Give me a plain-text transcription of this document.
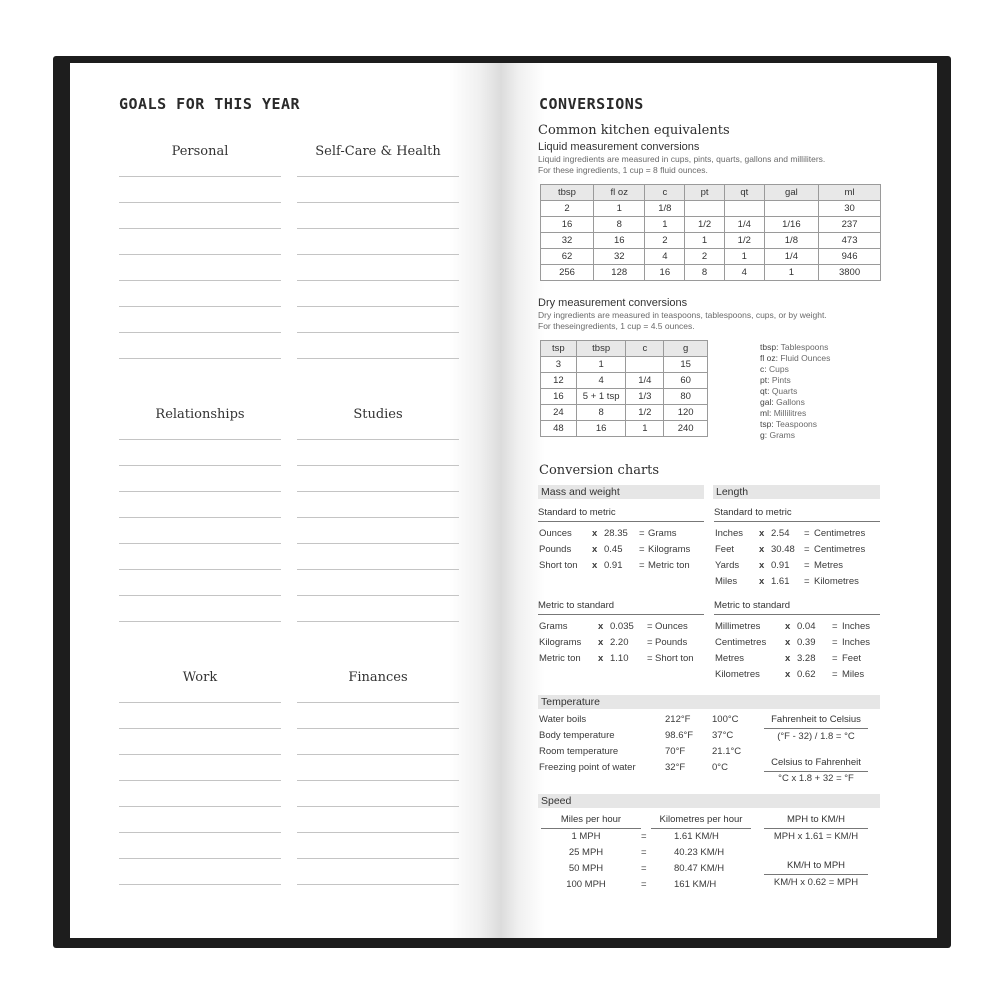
GOALS FOR THIS YEAR
Personal	Self-Care & Health
Relationships	Studies
Work	Finances
CONVERSIONS
Common kitchen equivalents
Liquid measurement conversions
Liquid ingredients are measured in cups, pints, quarts, gallons and milliliters.
For these ingredients, 1 cup = 8 fluid ounces.
tbsp	fl oz	c	pt	qt	gal	ml
2	1	1/8				30
16	8	1	1/2	1/4	1/16	237
32	16	2	1	1/2	1/8	473
62	32	4	2	1	1/4	946
256	128	16	8	4	1	3800
Dry measurement conversions
Dry ingredients are measured in teaspoons, tablespoons, cups, or by weight.
For theseingredients, 1 cup = 4.5 ounces.
tsp	tbsp	c	g
3	1		15
12	4	1/4	60
16	5 + 1 tsp	1/3	80
24	8	1/2	120
48	16	1	240
tbsp: Tablespoons
fl oz: Fluid Ounces
c: Cups
pt: Pints
qt: Quarts
gal: Gallons
ml: Millilitres
tsp: Teaspoons
g: Grams
Conversion charts
Mass and weight
Standard to metric
Ounces x 28.35 = Grams
Pounds x 0.45 = Kilograms
Short ton x 0.91 = Metric ton
Metric to standard
Grams	x 0.035 = Ounces
Kilograms x 2.20 = Pounds
Metric ton x 1.10 = Short ton
Length
Standard to metric
Inches x 2.54 = Centimetres
Feet	x 30.48 = Centimetres
Yards x 0.91 = Metres
Miles x 1.61 = Kilometres
Metric to standard
Millimetres	x 0.04 = Inches
Centimetres x 0.39 = Inches
Metres	x 3.28 = Feet
Kilometres	x 0.62 = Miles
Temperature
Water boils	212°F 100°C
Body temperature	98.6°F 37°C
Room temperature	70°F	21.1°C
Freezing point of water	32°F	0°C
Fahrenheit to Celsius
(°F - 32) / 1.8 = °C
Celsius to Fahrenheit
°C x 1.8 + 32 = °F
Speed
Miles per hour	Kilometres per hour
1 MPH	=	1.61 KM/H
25 MPH	=	40.23 KM/H
50 MPH	=	80.47 KM/H
100 MPH	=	161 KM/H
MPH to KM/H
MPH x 1.61 = KM/H
KM/H to MPH
KM/H x 0.62 = MPH
